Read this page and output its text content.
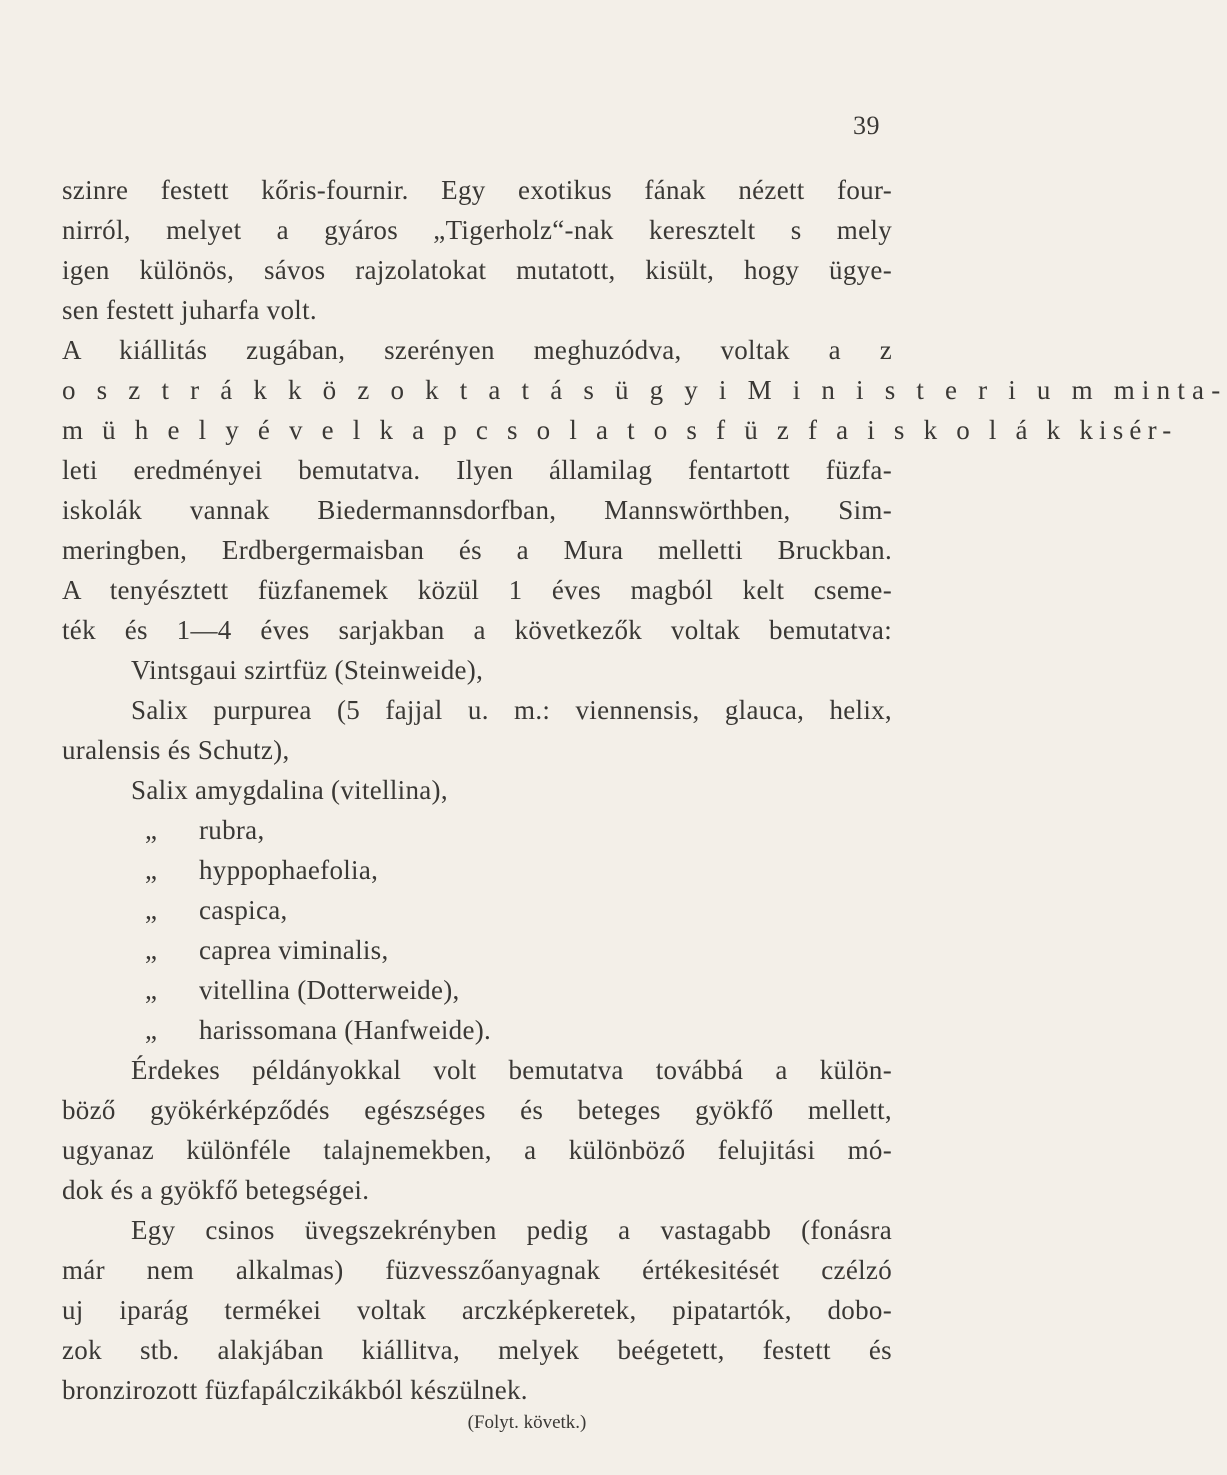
39
szinre festett kőris-fournir. Egy exotikus fának nézett four-
nirról, melyet a gyáros „Tigerholz“-nak keresztelt s mely
igen különös, sávos rajzolatokat mutatott, kisült, hogy ügye-
sen festett juharfa volt.
A kiállitás zugában, szerényen meghuzódva, voltak a z
o s z t r á k k ö z o k t a t á s ü g y i M i n i s t e r i u m minta-
m ü h e l y é v e l k a p c s o l a t o s f ü z f a i s k o l á k kisér-
leti eredményei bemutatva. Ilyen államilag fentartott füzfa-
iskolák vannak Biedermannsdorfban, Mannswörthben, Sim-
meringben, Erdbergermaisban és a Mura melletti Bruckban.
A tenyésztett füzfanemek közül 1 éves magból kelt cseme-
ték és 1—4 éves sarjakban a következők voltak bemutatva:
Vintsgaui szirtfüz (Steinweide),
Salix purpurea (5 fajjal u. m.: viennensis, glauca, helix,
uralensis és Schutz),
Salix amygdalina (vitellina),
„ rubra,
„ hyppophaefolia,
„ caspica,
„ caprea viminalis,
„ vitellina (Dotterweide),
„ harissomana (Hanfweide).
Érdekes példányokkal volt bemutatva továbbá a külön-
böző gyökérképződés egészséges és beteges gyökfő mellett,
ugyanaz különféle talajnemekben, a különböző felujitási mó-
dok és a gyökfő betegségei.
Egy csinos üvegszekrényben pedig a vastagabb (fonásra
már nem alkalmas) füzvesszőanyagnak értékesitését czélzó
uj iparág termékei voltak arczképkeretek, pipatartók, dobo-
zok stb. alakjában kiállitva, melyek beégetett, festett és
bronzirozott füzfapálczikákból készülnek.
(Folyt. követk.)
